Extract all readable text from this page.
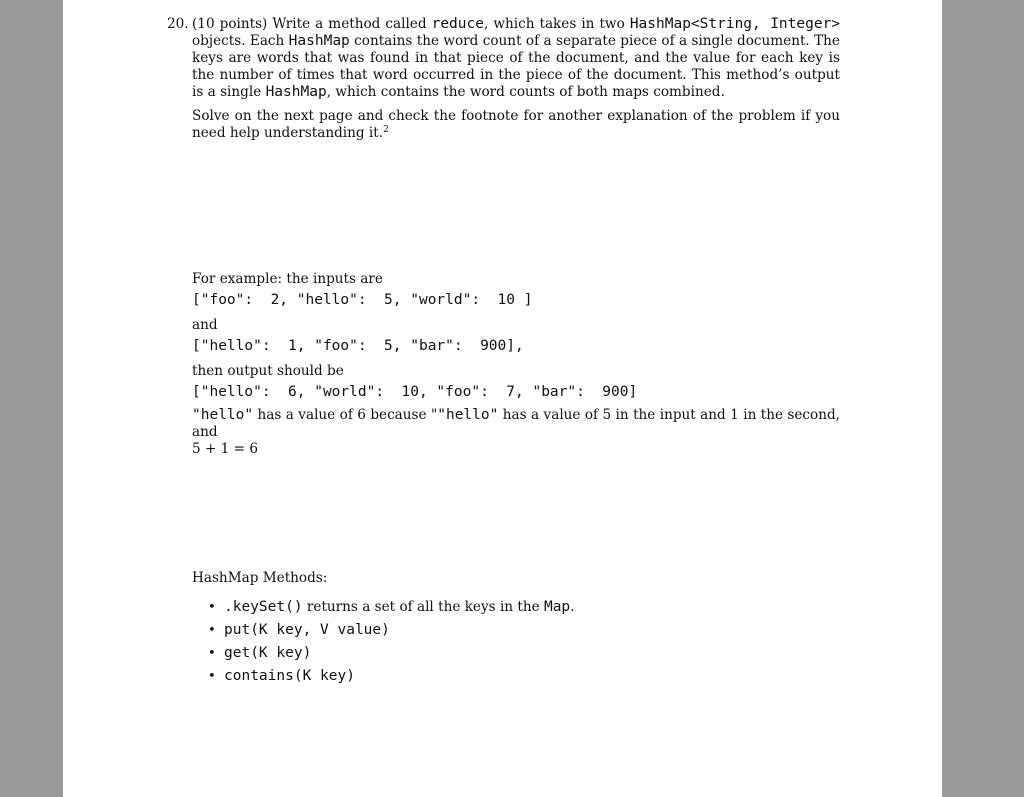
20. (10 points) Write a method called reduce, which takes in two HashMap<String, Integer> objects. Each HashMap contains the word count of a separate piece of a single document. The keys are words that was found in that piece of the document, and the value for each key is the number of times that word occurred in the piece of the document. This method’s output is a single HashMap, which contains the word counts of both maps combined.

Solve on the next page and check the footnote for another explanation of the problem if you need help understanding it.$^2$

For example: the inputs are
["foo":  2, "hello":  5, "world":  10 ]
and
["hello":  1, "foo":  5, "bar":  900],
then output should be
["hello":  6, "world":  10, "foo":  7, "bar":  900]
"hello" has a value of 6 because ""hello" has a value of 5 in the input and 1 in the second, and
5 + 1 = 6
HashMap Methods:
• .keySet() returns a set of all the keys in the Map.
• put(K key, V value)
• get(K key)
• contains(K key)
